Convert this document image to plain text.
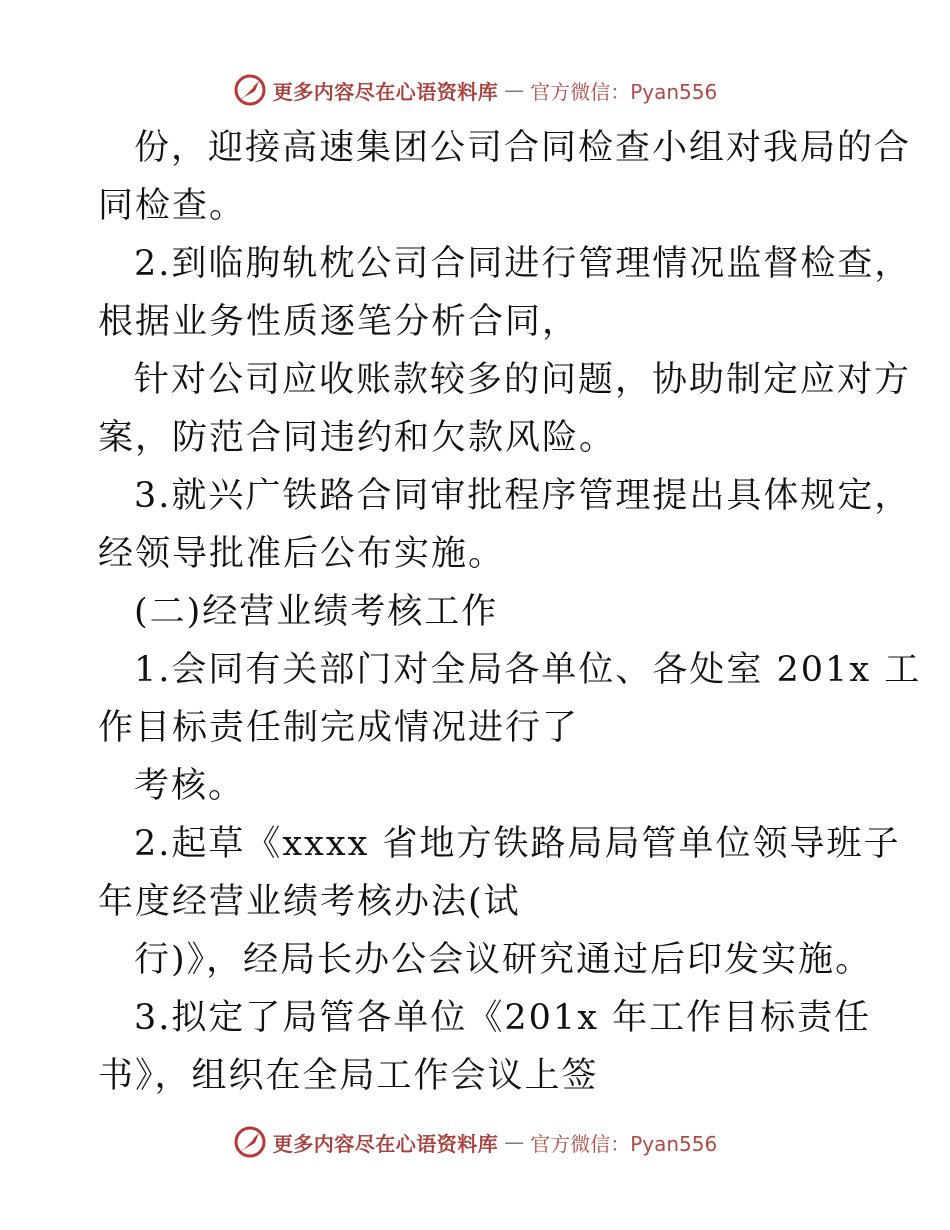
更多内容尽在心语资料库 — 官方微信：Pyan556
份，迎接高速集团公司合同检查小组对我局的合
同检查。
2.到临朐轨枕公司合同进行管理情况监督检查，
根据业务性质逐笔分析合同，
针对公司应收账款较多的问题，协助制定应对方
案，防范合同违约和欠款风险。
3.就兴广铁路合同审批程序管理提出具体规定，
经领导批准后公布实施。
(二)经营业绩考核工作
1.会同有关部门对全局各单位、各处室 201x 工
作目标责任制完成情况进行了
考核。
2.起草《xxxx 省地方铁路局局管单位领导班子
年度经营业绩考核办法(试
行)》，经局长办公会议研究通过后印发实施。
3.拟定了局管各单位《201x 年工作目标责任
书》，组织在全局工作会议上签
更多内容尽在心语资料库 — 官方微信：Pyan556
